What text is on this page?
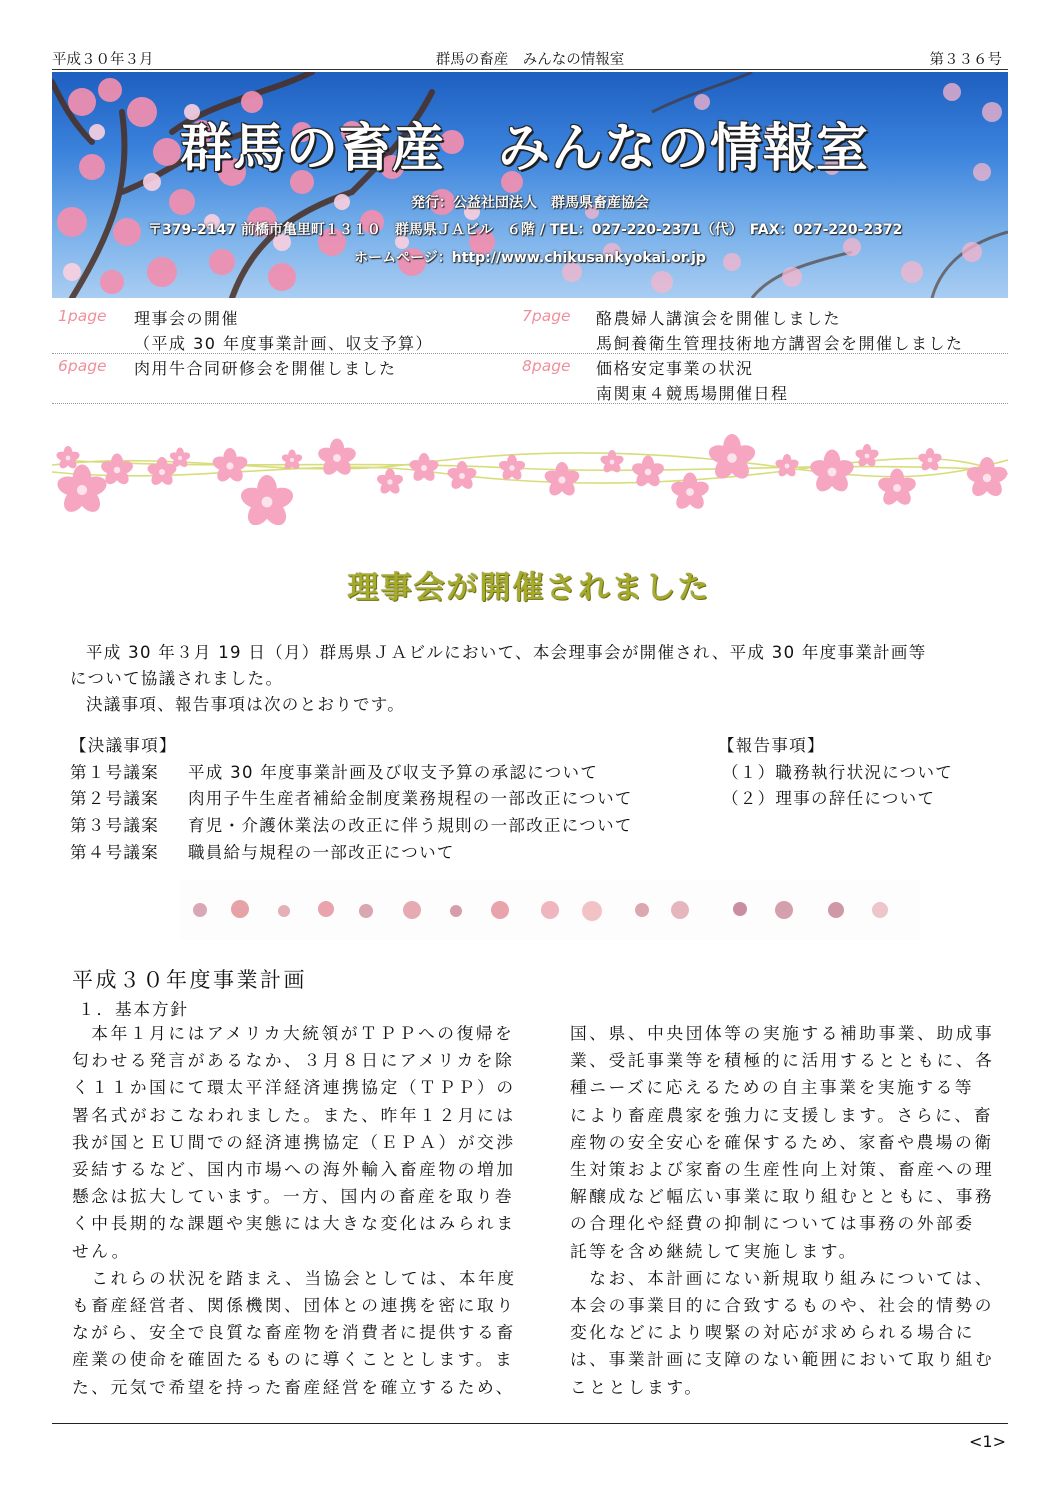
平成３０年３月	群馬の畜産　みんなの情報室	第３３６号
群馬の畜産　みんなの情報室
発行：公益社団法人　群馬県畜産協会
〒379-2147 前橋市亀里町１３１０　群馬県ＪＡビル　６階 / TEL：027-220-2371（代）　FAX：027-220-2372
ホームページ：http://www.chikusankyokai.or.jp
1page 理事会の開催	7page 酪農婦人講演会を開催しました
（平成 30 年度事業計画、収支予算）	馬飼養衛生管理技術地方講習会を開催しました
6page 肉用牛合同研修会を開催しました	8page 価格安定事業の状況
南関東４競馬場開催日程
理事会が開催されました
平成 30 年３月 19 日（月）群馬県ＪＡビルにおいて、本会理事会が開催され、平成 30 年度事業計画等
について協議されました。
決議事項、報告事項は次のとおりです。
【決議事項】
第１号議案 平成 30 年度事業計画及び収支予算の承認について
第２号議案 肉用子牛生産者補給金制度業務規程の一部改正について
第３号議案 育児・介護休業法の改正に伴う規則の一部改正について
第４号議案 職員給与規程の一部改正について
【報告事項】
（１）職務執行状況について
（２）理事の辞任について
平成３０年度事業計画
１．基本方針
　本年１月にはアメリカ大統領がＴＰＰへの復帰を
匂わせる発言があるなか、３月８日にアメリカを除
く１１か国にて環太平洋経済連携協定（ＴＰＰ）の
署名式がおこなわれました。また、昨年１２月には
我が国とＥＵ間での経済連携協定（ＥＰＡ）が交渉
妥結するなど、国内市場への海外輸入畜産物の増加
懸念は拡大しています。一方、国内の畜産を取り巻
く中長期的な課題や実態には大きな変化はみられま
せん。
　これらの状況を踏まえ、当協会としては、本年度
も畜産経営者、関係機関、団体との連携を密に取り
ながら、安全で良質な畜産物を消費者に提供する畜
産業の使命を確固たるものに導くこととします。ま
た、元気で希望を持った畜産経営を確立するため、
国、県、中央団体等の実施する補助事業、助成事
業、受託事業等を積極的に活用するとともに、各
種ニーズに応えるための自主事業を実施する等
により畜産農家を強力に支援します。さらに、畜
産物の安全安心を確保するため、家畜や農場の衛
生対策および家畜の生産性向上対策、畜産への理
解醸成など幅広い事業に取り組むとともに、事務
の合理化や経費の抑制については事務の外部委
託等を含め継続して実施します。
　なお、本計画にない新規取り組みについては、
本会の事業目的に合致するものや、社会的情勢の
変化などにより喫緊の対応が求められる場合に
は、事業計画に支障のない範囲において取り組む
こととします。
<1>
